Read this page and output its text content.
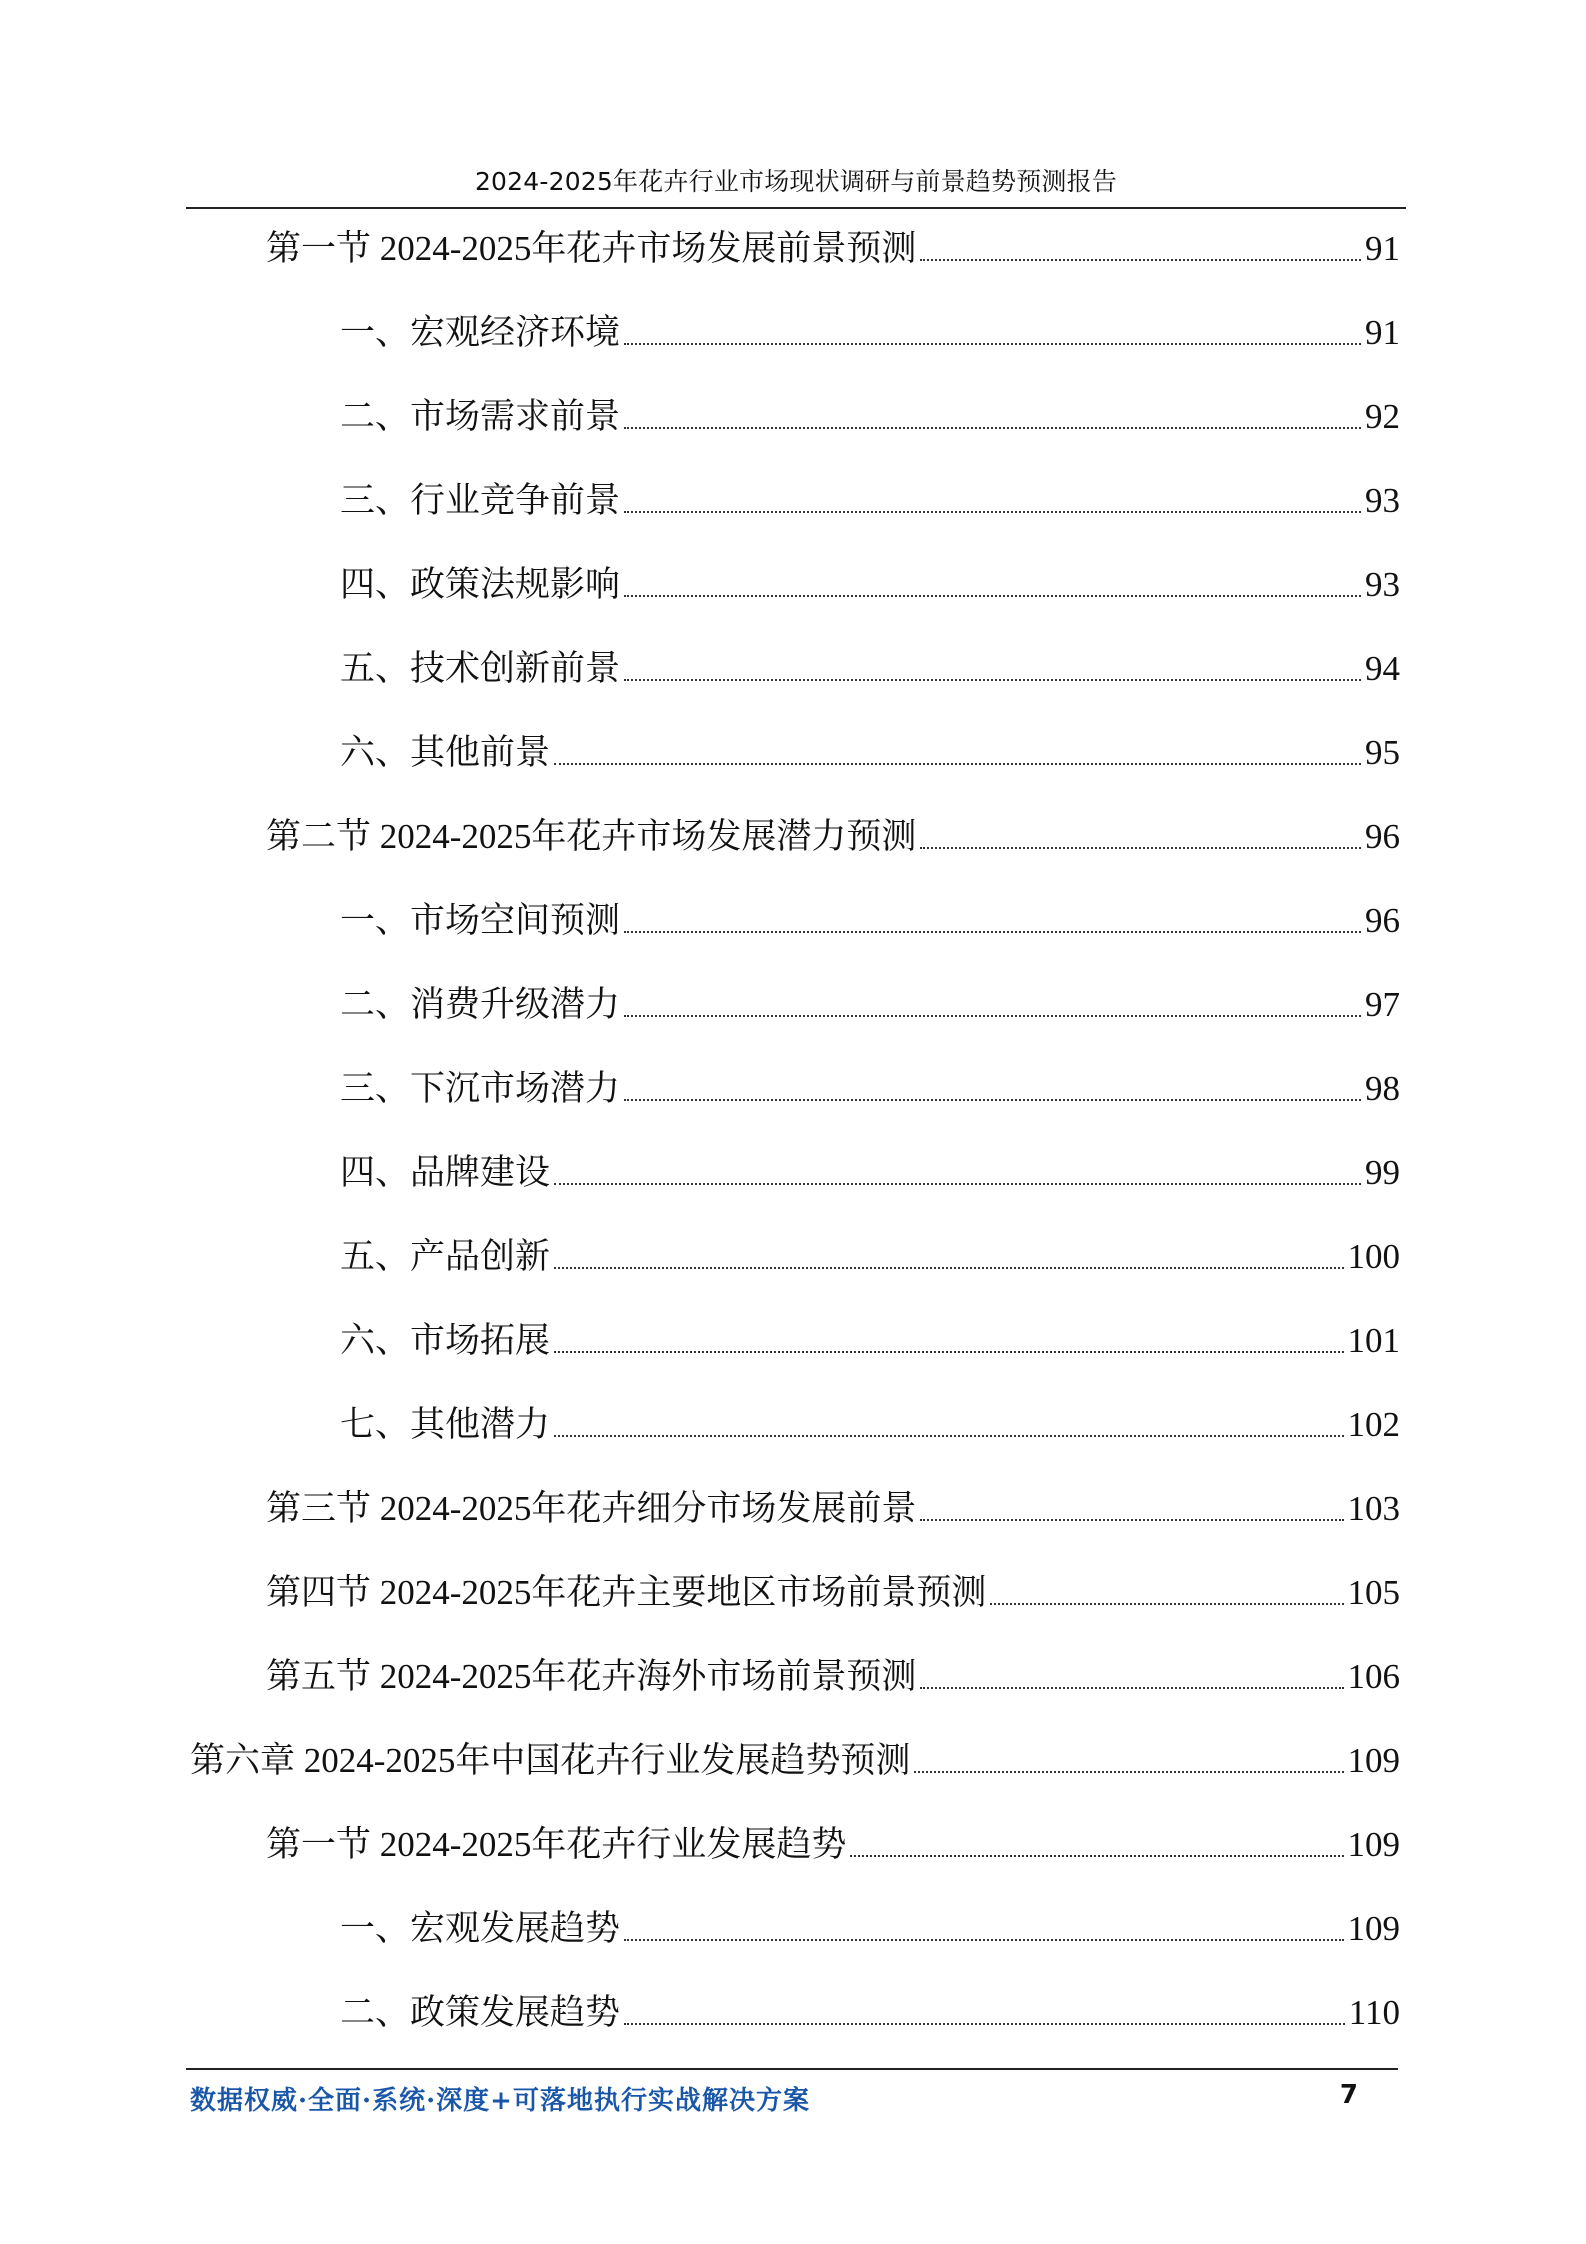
2024-2025年花卉行业市场现状调研与前景趋势预测报告
第一节 2024-2025年花卉市场发展前景预测	91
一、宏观经济环境	91
二、市场需求前景	92
三、行业竞争前景	93
四、政策法规影响	93
五、技术创新前景	94
六、其他前景	95
第二节 2024-2025年花卉市场发展潜力预测	96
一、市场空间预测	96
二、消费升级潜力	97
三、下沉市场潜力	98
四、品牌建设	99
五、产品创新	100
六、市场拓展	101
七、其他潜力	102
第三节 2024-2025年花卉细分市场发展前景	103
第四节 2024-2025年花卉主要地区市场前景预测	105
第五节 2024-2025年花卉海外市场前景预测	106
第六章 2024-2025年中国花卉行业发展趋势预测	109
第一节 2024-2025年花卉行业发展趋势	109
一、宏观发展趋势	109
二、政策发展趋势	110
数据权威·全面·系统·深度+可落地执行实战解决方案	7
